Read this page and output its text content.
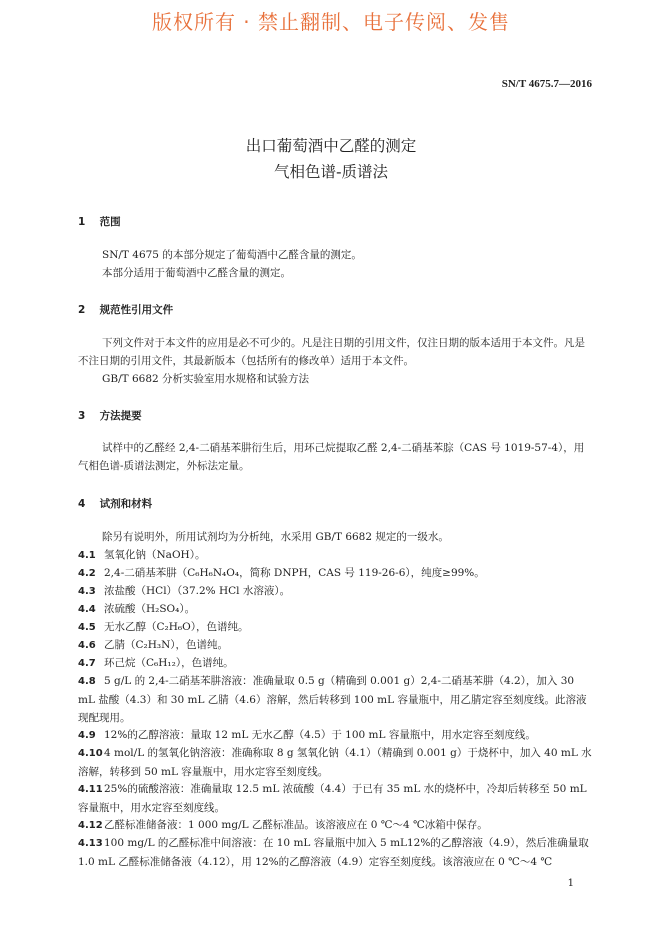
版权所有 · 禁止翻制、电子传阅、发售
SN/T 4675.7—2016
出口葡萄酒中乙醛的测定
气相色谱-质谱法
1 范围
SN/T 4675 的本部分规定了葡萄酒中乙醛含量的测定。
本部分适用于葡萄酒中乙醛含量的测定。
2 规范性引用文件
下列文件对于本文件的应用是必不可少的。凡是注日期的引用文件，仅注日期的版本适用于本文件。凡是不注日期的引用文件，其最新版本（包括所有的修改单）适用于本文件。
GB/T 6682 分析实验室用水规格和试验方法
3 方法提要
试样中的乙醛经 2,4-二硝基苯肼衍生后，用环己烷提取乙醛 2,4-二硝基苯腙（CAS 号 1019-57-4），用气相色谱-质谱法测定，外标法定量。
4 试剂和材料
除另有说明外，所用试剂均为分析纯，水采用 GB/T 6682 规定的一级水。
4.1 氢氧化钠（NaOH）。
4.2 2,4-二硝基苯肼（C₆H₆N₄O₄，简称 DNPH，CAS 号 119-26-6），纯度≥99%。
4.3 浓盐酸（HCl）（37.2% HCl 水溶液）。
4.4 浓硫酸（H₂SO₄）。
4.5 无水乙醇（C₂H₆O），色谱纯。
4.6 乙腈（C₂H₃N），色谱纯。
4.7 环己烷（C₆H₁₂），色谱纯。
4.8 5 g/L 的 2,4-二硝基苯肼溶液：准确量取 0.5 g（精确到 0.001 g）2,4-二硝基苯肼（4.2），加入 30 mL 盐酸（4.3）和 30 mL 乙腈（4.6）溶解，然后转移到 100 mL 容量瓶中，用乙腈定容至刻度线。此溶液现配现用。
4.9 12%的乙醇溶液：量取 12 mL 无水乙醇（4.5）于 100 mL 容量瓶中，用水定容至刻度线。
4.104 mol/L 的氢氧化钠溶液：准确称取 8 g 氢氧化钠（4.1）（精确到 0.001 g）于烧杯中，加入 40 mL 水溶解，转移到 50 mL 容量瓶中，用水定容至刻度线。
4.1125%的硫酸溶液：准确量取 12.5 mL 浓硫酸（4.4）于已有 35 mL 水的烧杯中，冷却后转移至 50 mL 容量瓶中，用水定容至刻度线。
4.12乙醛标准储备液：1 000 mg/L 乙醛标准品。该溶液应在 0 ℃～4 ℃冰箱中保存。
4.13100 mg/L 的乙醛标准中间溶液：在 10 mL 容量瓶中加入 5 mL12%的乙醇溶液（4.9），然后准确量取 1.0 mL 乙醛标准储备液（4.12），用 12%的乙醇溶液（4.9）定容至刻度线。该溶液应在 0 ℃～4 ℃
1
